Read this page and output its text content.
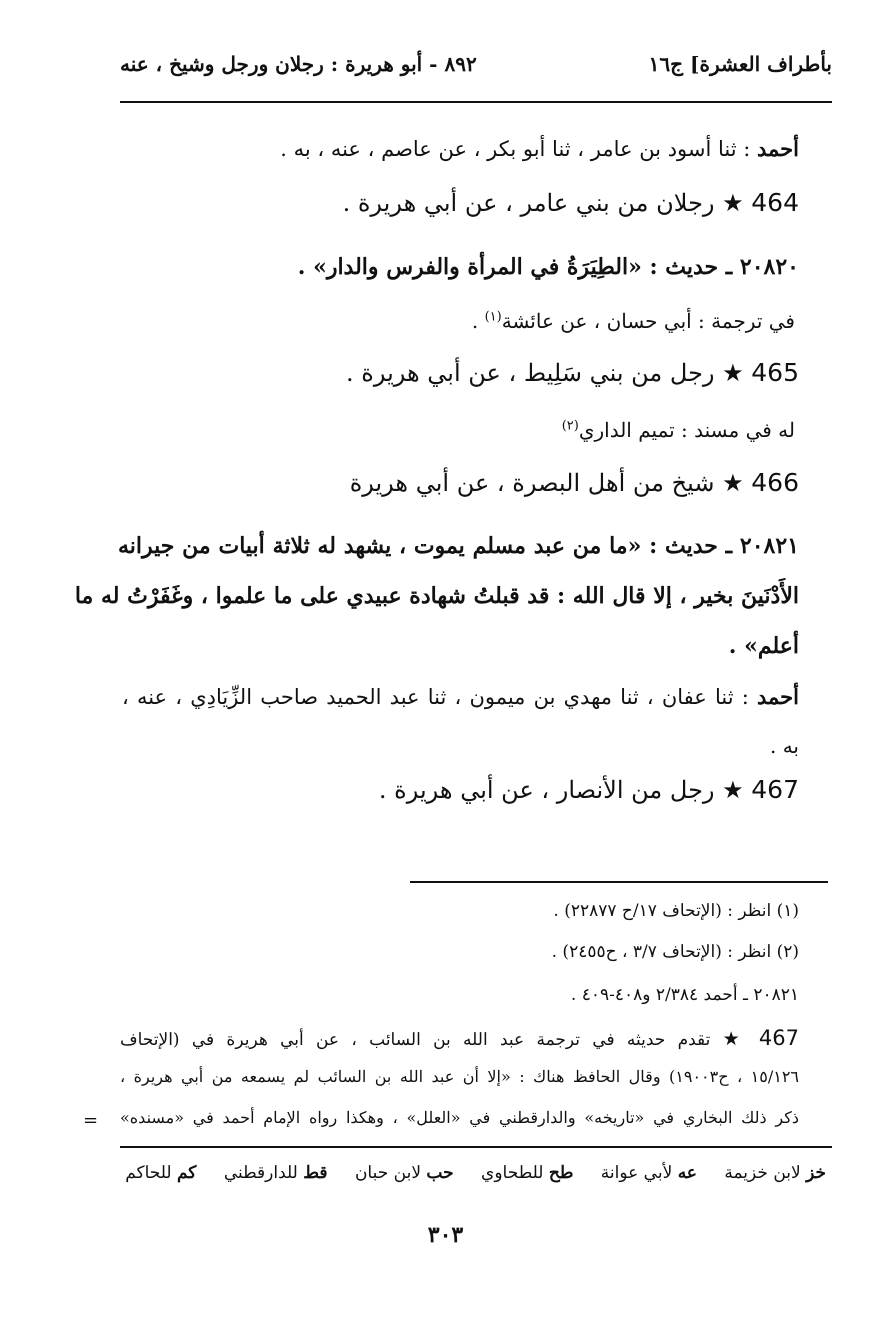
بأطراف العشرة] ج١٦
٨٩٢ - أبو هريرة : رجلان ورجل وشيخ ، عنه
أحمد : ثنا أسود بن عامر ، ثنا أبو بكر ، عن عاصم ، عنه ، به .
464 ★ رجلان من بني عامر ، عن أبي هريرة .
٢٠٨٢٠ ـ حديث : «الطِيَرَةُ في المرأة والفرس والدار» .
في ترجمة : أبي حسان ، عن عائشة$^{(١)}$ .
465 ★ رجل من بني سَلِيط ، عن أبي هريرة .
له في مسند : تميم الداري$^{(٢)}$
466 ★ شيخ من أهل البصرة ، عن أبي هريرة
٢٠٨٢١ ـ حديث : «ما من عبد مسلم يموت ، يشهد له ثلاثة أبيات من جيرانه
الأَدْنَينَ بخير ، إلا قال الله : قد قبلتُ شهادة عبيدي على ما علموا ، وغَفَرْتُ له ما
أعلم» .
أحمد : ثنا عفان ، ثنا مهدي بن ميمون ، ثنا عبد الحميد صاحب الزِّيَادِي ، عنه ،
به .
467 ★ رجل من الأنصار ، عن أبي هريرة .
(١) انظر : (الإتحاف ١٧/ح ٢٢٨٧٧) .
(٢) انظر : (الإتحاف ٣/٧ ، ح٢٤٥٥) .
٢٠٨٢١ ـ أحمد ٢/٣٨٤ و٤٠٨-٤٠٩ .
467 ★ تقدم حديثه في ترجمة عبد الله بن السائب ، عن أبي هريرة في (الإتحاف
١٥/١٢٦ ، ح١٩٠٠٣) وقال الحافظ هناك : «إلا أن عبد الله بن السائب لم يسمعه من أبي هريرة ،
ذكر ذلك البخاري في «تاريخه» والدارقطني في «العلل» ، وهكذا رواه الإمام أحمد في «مسنده»
=
خز لابن خزيمة عه لأبي عوانة طح للطحاوي حب لابن حبان قط للدارقطني كم للحاكم
٣٠٣
